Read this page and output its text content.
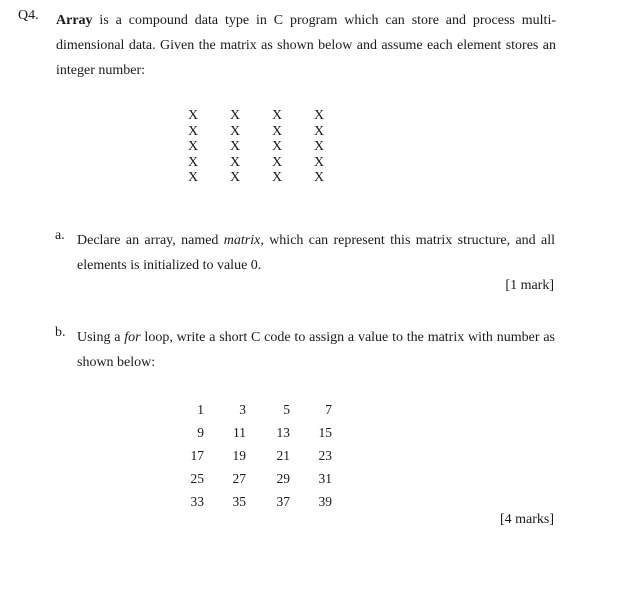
Q4. Array is a compound data type in C program which can store and process multi-dimensional data. Given the matrix as shown below and assume each element stores an integer number:
X	X	X	X
X	X	X	X
X	X	X	X
X	X	X	X
X	X	X	X
a. Declare an array, named matrix, which can represent this matrix structure, and all elements is initialized to value 0.
[1 mark]
b. Using a for loop, write a short C code to assign a value to the matrix with number as shown below:
1	3	5	7
9	11	13	15
17	19	21	23
25	27	29	31
33	35	37	39
[4 marks]
